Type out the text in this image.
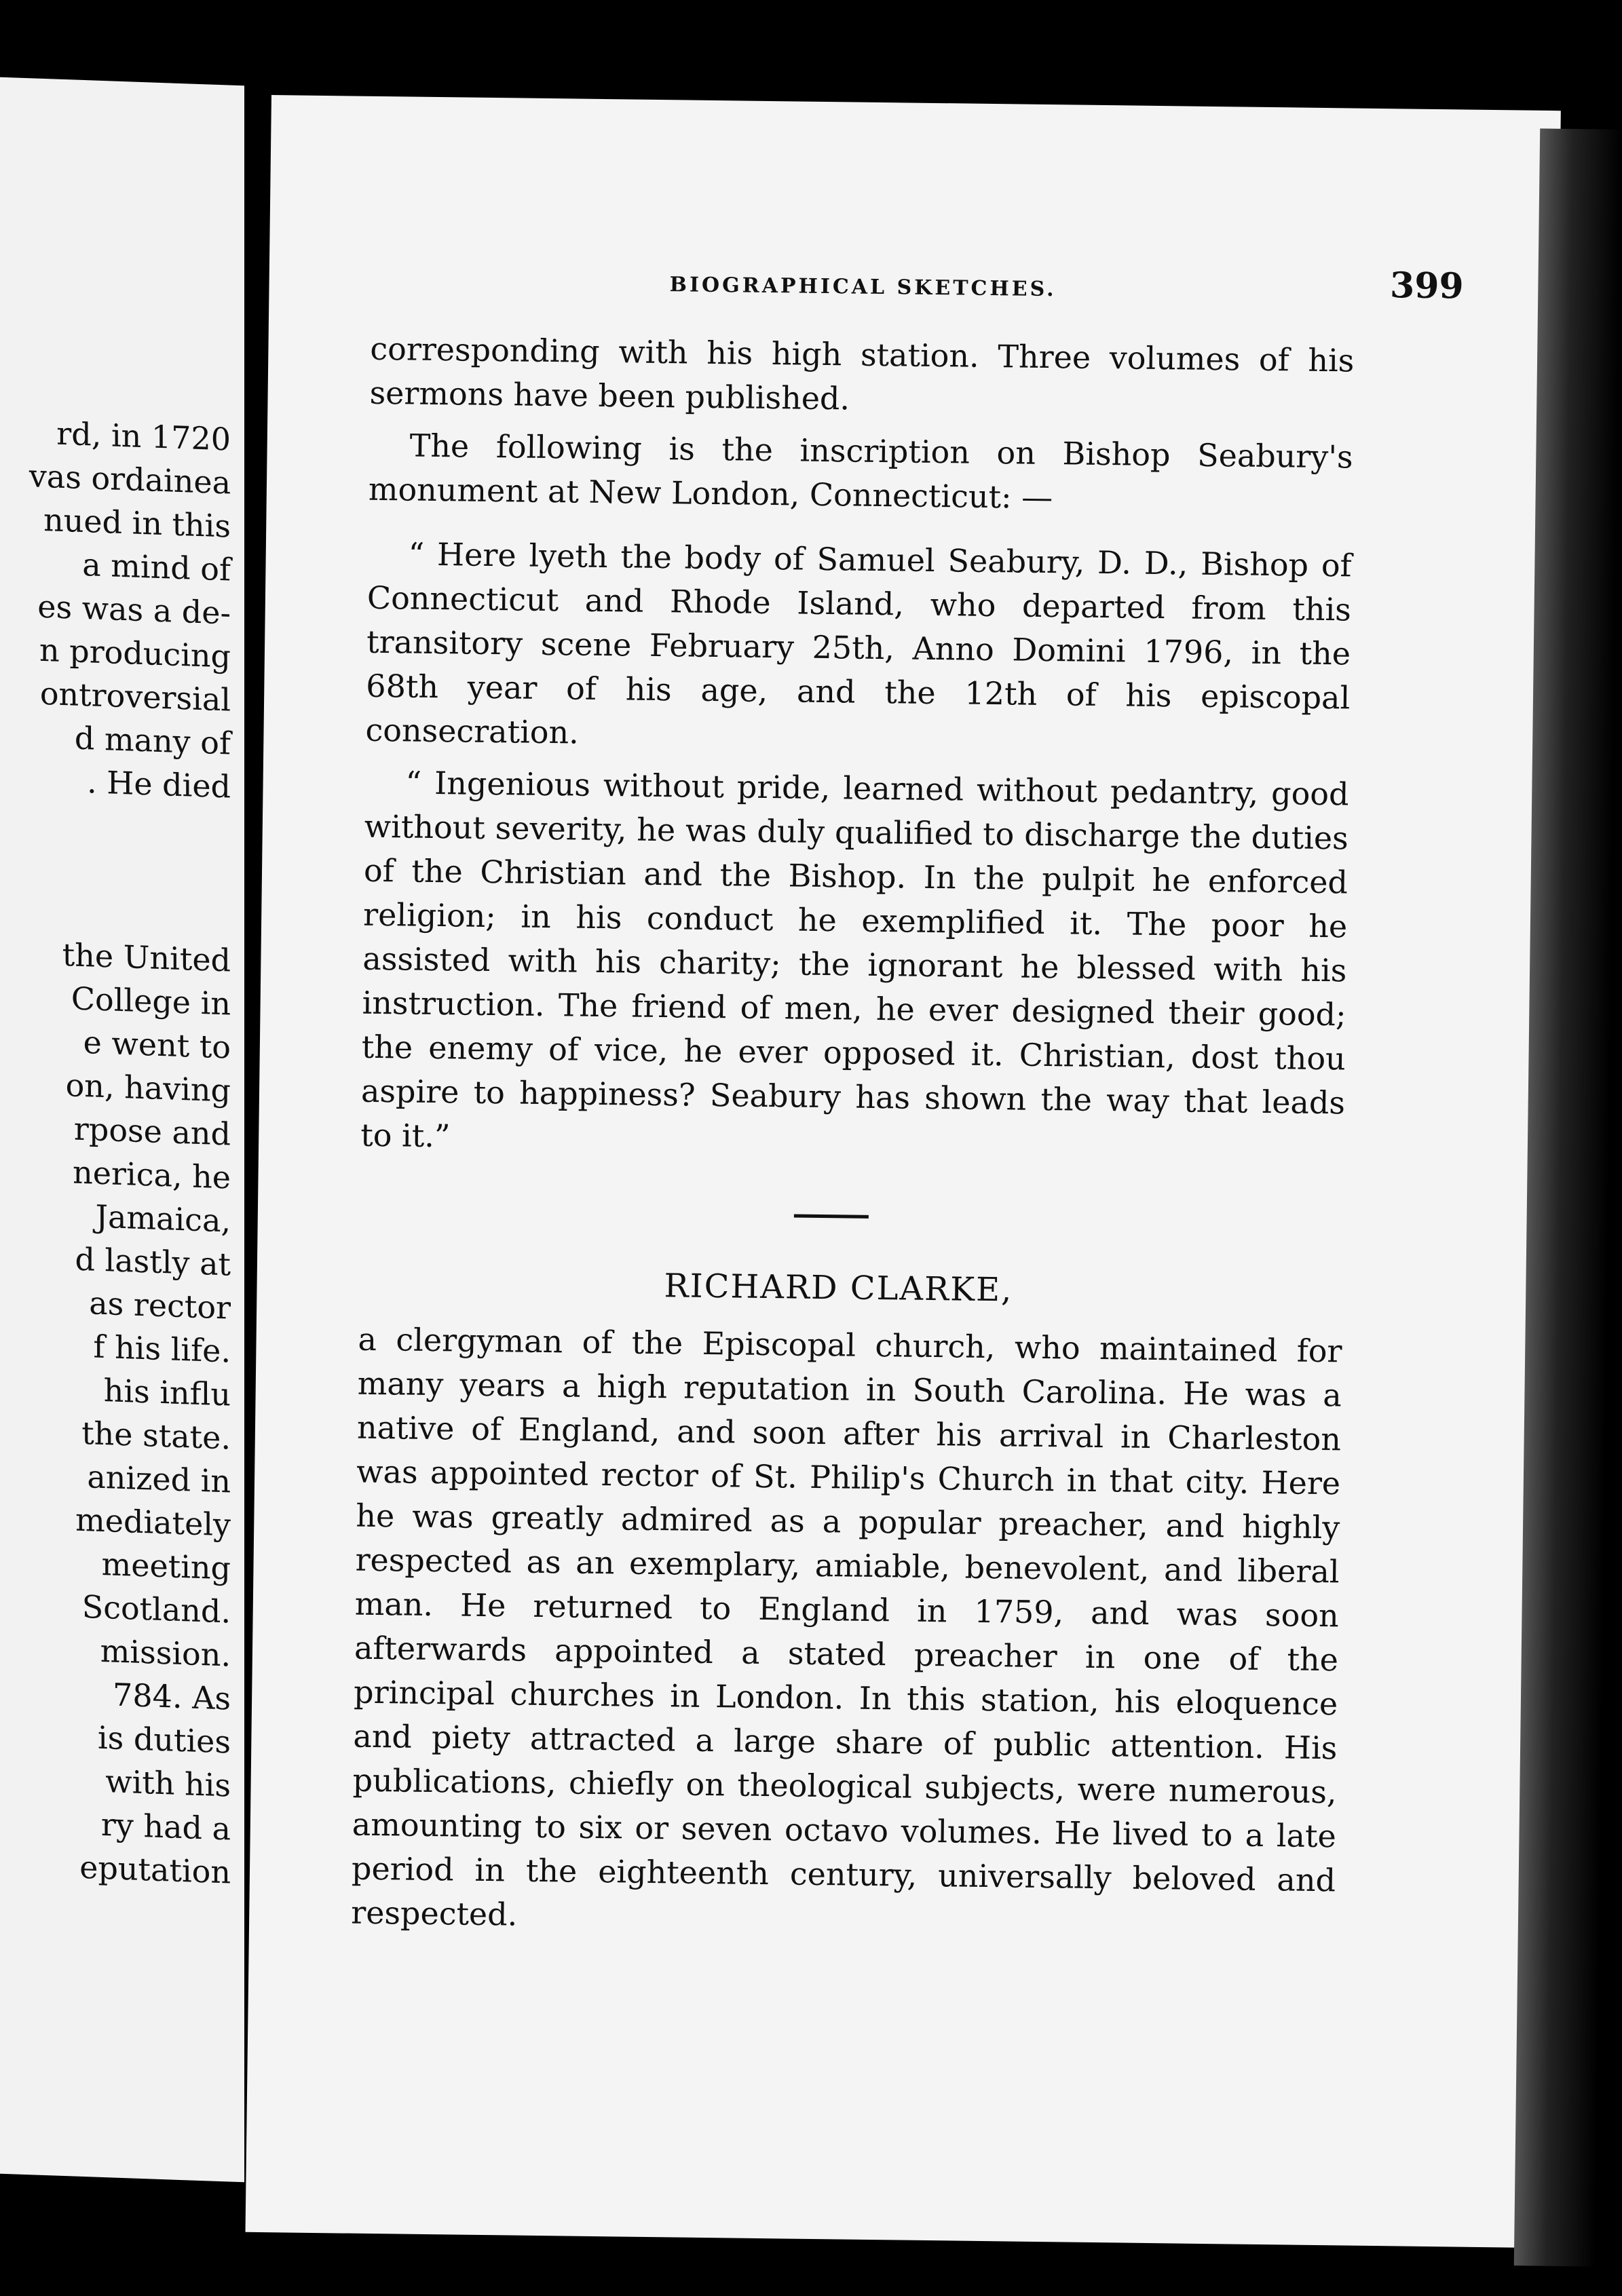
rd, in 1720
vas ordainea
nued in this
a mind of
es was a de-
n producing
ontroversial
d many of
. He died

the United
College in
e went to
on, having
rpose and
nerica, he
Jamaica,
d lastly at
as rector
f his life.
his influ
the state.
anized in
mediately
meeting
Scotland.
mission.
784. As
is duties
with his
ry had a
eputation
BIOGRAPHICAL SKETCHES.	399

corresponding with his high station. Three volumes of his sermons have been published.

The following is the inscription on Bishop Seabury's monument at New London, Connecticut: —

“ Here lyeth the body of Samuel Seabury, D. D., Bishop of Connecticut and Rhode Island, who departed from this transitory scene February 25th, Anno Domini 1796, in the 68th year of his age, and the 12th of his episcopal consecration.

“ Ingenious without pride, learned without pedantry, good without severity, he was duly qualified to discharge the duties of the Christian and the Bishop. In the pulpit he enforced religion; in his conduct he exemplified it. The poor he assisted with his charity; the ignorant he blessed with his instruction. The friend of men, he ever designed their good; the enemy of vice, he ever opposed it. Christian, dost thou aspire to happiness? Seabury has shown the way that leads to it.”

RICHARD CLARKE,

a clergyman of the Episcopal church, who maintained for many years a high reputation in South Carolina. He was a native of England, and soon after his arrival in Charleston was appointed rector of St. Philip's Church in that city. Here he was greatly admired as a popular preacher, and highly respected as an exemplary, amiable, benevolent, and liberal man. He returned to England in 1759, and was soon afterwards appointed a stated preacher in one of the principal churches in London. In this station, his eloquence and piety attracted a large share of public attention. His publications, chiefly on theological subjects, were numerous, amounting to six or seven octavo volumes. He lived to a late period in the eighteenth century, universally beloved and respected.
